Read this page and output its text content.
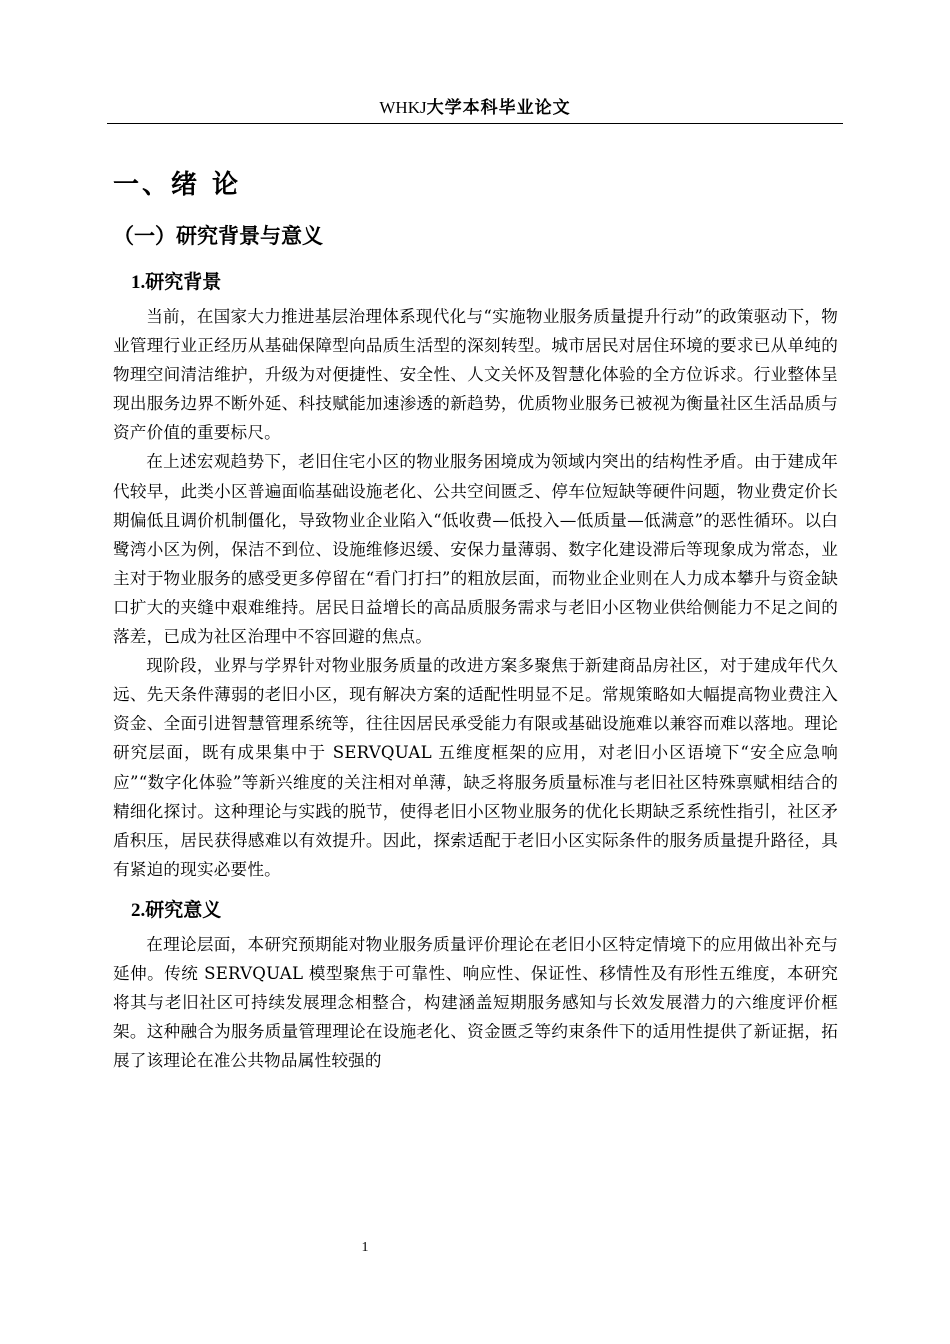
WHKJ大学本科毕业论文
一、绪 论
（一）研究背景与意义
1.研究背景

当前，在国家大力推进基层治理体系现代化与“实施物业服务质量提升行动”的政策驱动下，物业管理行业正经历从基础保障型向品质生活型的深刻转型。城市居民对居住环境的要求已从单纯的物理空间清洁维护，升级为对便捷性、安全性、人文关怀及智慧化体验的全方位诉求。行业整体呈现出服务边界不断外延、科技赋能加速渗透的新趋势，优质物业服务已被视为衡量社区生活品质与资产价值的重要标尺。

在上述宏观趋势下，老旧住宅小区的物业服务困境成为领域内突出的结构性矛盾。由于建成年代较早，此类小区普遍面临基础设施老化、公共空间匮乏、停车位短缺等硬件问题，物业费定价长期偏低且调价机制僵化，导致物业企业陷入“低收费—低投入—低质量—低满意”的恶性循环。以白鹭湾小区为例，保洁不到位、设施维修迟缓、安保力量薄弱、数字化建设滞后等现象成为常态，业主对于物业服务的感受更多停留在“看门打扫”的粗放层面，而物业企业则在人力成本攀升与资金缺口扩大的夹缝中艰难维持。居民日益增长的高品质服务需求与老旧小区物业供给侧能力不足之间的落差，已成为社区治理中不容回避的焦点。

现阶段，业界与学界针对物业服务质量的改进方案多聚焦于新建商品房社区，对于建成年代久远、先天条件薄弱的老旧小区，现有解决方案的适配性明显不足。常规策略如大幅提高物业费注入资金、全面引进智慧管理系统等，往往因居民承受能力有限或基础设施难以兼容而难以落地。理论研究层面，既有成果集中于 SERVQUAL 五维度框架的应用，对老旧小区语境下“安全应急响应”“数字化体验”等新兴维度的关注相对单薄，缺乏将服务质量标准与老旧社区特殊禀赋相结合的精细化探讨。这种理论与实践的脱节，使得老旧小区物业服务的优化长期缺乏系统性指引，社区矛盾积压，居民获得感难以有效提升。因此，探索适配于老旧小区实际条件的服务质量提升路径，具有紧迫的现实必要性。

2.研究意义

在理论层面，本研究预期能对物业服务质量评价理论在老旧小区特定情境下的应用做出补充与延伸。传统 SERVQUAL 模型聚焦于可靠性、响应性、保证性、移情性及有形性五维度，本研究将其与老旧社区可持续发展理念相整合，构建涵盖短期服务感知与长效发展潜力的六维度评价框架。这种融合为服务质量管理理论在设施老化、资金匮乏等约束条件下的适用性提供了新证据，拓展了该理论在准公共物品属性较强的

1
